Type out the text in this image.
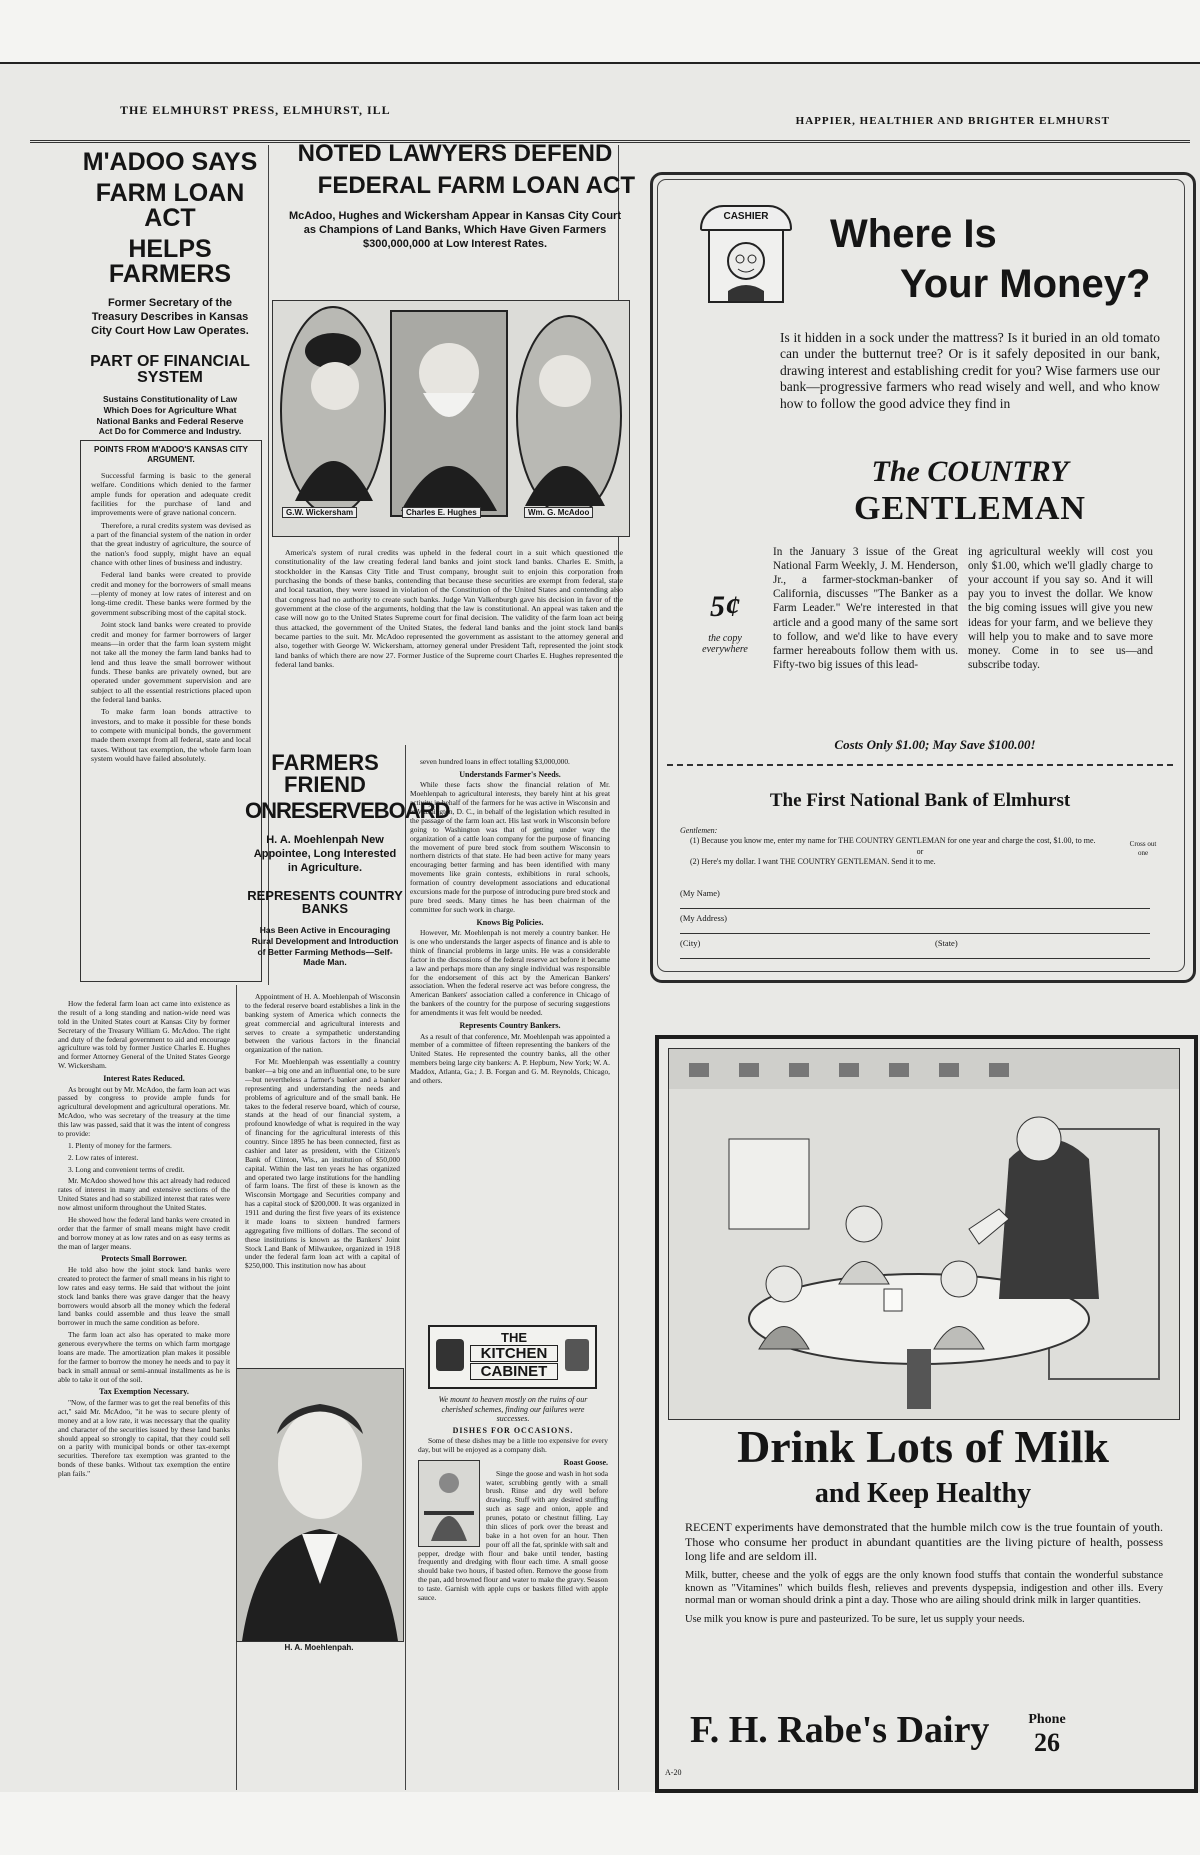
THE ELMHURST PRESS, ELMHURST, ILL
HAPPIER, HEALTHIER AND BRIGHTER ELMHURST

M'ADOO SAYS

FARM LOAN ACT

HELPS FARMERS

Former Secretary of the Treasury Describes in Kansas City Court How Law Operates.

PART OF FINANCIAL SYSTEM

Sustains Constitutionality of Law Which Does for Agriculture What National Banks and Federal Reserve Act Do for Commerce and Industry.

POINTS FROM M'ADOO'S KANSAS CITY ARGUMENT.

Successful farming is basic to the general welfare. Conditions which denied to the farmer ample funds for operation and adequate credit facilities for the purchase of land and improvements were of grave national concern.

Therefore, a rural credits system was devised as a part of the financial system of the nation in order that the great industry of agriculture, the source of the nation's food supply, might have an equal chance with other lines of business and industry.

Federal land banks were created to provide credit and money for the borrowers of small means —plenty of money at low rates of interest and on long-time credit. These banks were formed by the government subscribing most of the capital stock.

Joint stock land banks were created to provide credit and money for farmer borrowers of larger means—in order that the farm loan system might not take all the money the farm land banks had to lend and thus leave the small borrower without funds. These banks are privately owned, but are operated under government supervision and are subject to all the essential restrictions placed upon the federal land banks.

To make farm loan bonds attractive to investors, and to make it possible for these bonds to compete with municipal bonds, the government made them exempt from all federal, state and local taxes. Without tax exemption, the whole farm loan system would have failed absolutely.

How the federal farm loan act came into existence as the result of a long standing and nation-wide need was told in the United States court at Kansas City by former Secretary of the Treasury William G. McAdoo. The right and duty of the federal government to aid and encourage agriculture was told by former Justice Charles E. Hughes and former Attorney General of the United States George W. Wickersham.

Interest Rates Reduced.

As brought out by Mr. McAdoo, the farm loan act was passed by congress to provide ample funds for agricultural development and agricultural operations. Mr. McAdoo, who was secretary of the treasury at the time this law was passed, said that it was the intent of congress to provide:

1. Plenty of money for the farmers.

2. Low rates of interest.

3. Long and convenient terms of credit.

Mr. McAdoo showed how this act already had reduced rates of interest in many and extensive sections of the United States and had so stabilized interest that rates were now almost uniform throughout the United States.

He showed how the federal land banks were created in order that the farmer of small means might have credit and borrow money at as low rates and on as easy terms as the man of larger means.

Protects Small Borrower.

He told also how the joint stock land banks were created to protect the farmer of small means in his right to low rates and easy terms. He said that without the joint stock land banks there was grave danger that the heavy borrowers would absorb all the money which the federal land banks could assemble and thus leave the small borrower in much the same condition as before.

The farm loan act also has operated to make more generous everywhere the terms on which farm mortgage loans are made. The amortization plan makes it possible for the farmer to borrow the money he needs and to pay it back in small annual or semi-annual installments as he is able to take it out of the soil.

Tax Exemption Necessary.

"Now, of the farmer was to get the real benefits of this act," said Mr. McAdoo, "it he was to secure plenty of money and at a low rate, it was necessary that the quality and character of the securities issued by these land banks should appeal so strongly to capital, that they could sell on a parity with municipal bonds or other tax-exempt securities. Therefore tax exemption was granted to the bonds of these banks. Without tax exemption the entire plan fails."

NOTED LAWYERS DEFEND

FEDERAL FARM LOAN ACT

McAdoo, Hughes and Wickersham Appear in Kansas City Court as Champions of Land Banks, Which Have Given Farmers $300,000,000 at Low Interest Rates.

G.W. Wickersham	Charles E. Hughes	Wm. G. McAdoo

America's system of rural credits was upheld in the federal court in a suit which questioned the constitutionality of the law creating federal land banks and joint stock land banks. Charles E. Smith, a stockholder in the Kansas City Title and Trust company, brought suit to enjoin this corporation from purchasing the bonds of these banks, contending that because these securities are exempt from federal, state and local taxation, they were issued in violation of the Constitution of the United States and contending also that congress had no authority to create such banks. Judge Van Valkenburgh gave his decision in favor of the government at the close of the arguments, holding that the law is constitutional. An appeal was taken and the case will now go to the United States Supreme court for final decision. The validity of the farm loan act being thus attacked, the government of the United States, the federal land banks and the joint stock land banks became parties to the suit. Mr. McAdoo represented the government as assistant to the attorney general and also, together with George W. Wickersham, attorney general under President Taft, represented the joint stock land banks of which there are now 27. Former Justice of the Supreme court Charles E. Hughes represented the federal land banks.

FARMERS FRIEND

ONRESERVEBOARD

H. A. Moehlenpah New Appointee, Long Interested in Agriculture.

REPRESENTS COUNTRY BANKS

Has Been Active in Encouraging Rural Development and Introduction of Better Farming Methods—Self-Made Man.

Appointment of H. A. Moehlenpah of Wisconsin to the federal reserve board establishes a link in the banking system of America which connects the great commercial and agricultural interests and serves to create a sympathetic understanding between the various factors in the financial organization of the nation.

For Mr. Moehlenpah was essentially a country banker—a big one and an influential one, to be sure—but nevertheless a farmer's banker and a banker representing and understanding the needs and problems of agriculture and of the small bank. He takes to the federal reserve board, which of course, stands at the head of our financial system, a profound knowledge of what is required in the way of financing for the agricultural interests of this country. Since 1895 he has been connected, first as cashier and later as president, with the Citizen's Bank of Clinton, Wis., an institution of $50,000 capital. Within the last ten years he has organized and operated two large institutions for the handling of farm loans. The first of these is known as the Wisconsin Mortgage and Securities company and has a capital stock of $200,000. It was organized in 1911 and during the first five years of its existence it made loans to sixteen hundred farmers aggregating five millions of dollars. The second of these institutions is known as the Bankers' Joint Stock Land Bank of Milwaukee, organized in 1918 under the federal farm loan act with a capital of $250,000. This institution now has about

H. A. Moehlenpah.

seven hundred loans in effect totalling $3,000,000.

Understands Farmer's Needs.

While these facts show the financial relation of Mr. Moehlenpah to agricultural interests, they barely hint at his great activity in behalf of the farmers for he was active in Wisconsin and at Washington, D. C., in behalf of the legislation which resulted in the passage of the farm loan act. His last work in Wisconsin before going to Washington was that of getting under way the organization of a cattle loan company for the purpose of financing the movement of pure bred stock from southern Wisconsin to northern districts of that state. He had been active for many years encouraging better farming and has been identified with many movements like grain contests, exhibitions in rural schools, formation of country development associations and educational excursions made for the purpose of introducing pure bred stock and pure bred seeds. Many times he has been chairman of the committee for such work in charge.

Knows Big Policies.

However, Mr. Moehlenpah is not merely a country banker. He is one who understands the larger aspects of finance and is able to think of financial problems in large units. He was a considerable factor in the discussions of the federal reserve act before it became a law and perhaps more than any single individual was responsible for the endorsement of this act by the American Bankers' association. When the federal reserve act was before congress, the American Bankers' association called a conference in Chicago of the bankers of the country for the purpose of securing suggestions for amendments it was felt would be needed.

Represents Country Bankers.

As a result of that conference, Mr. Moehlenpah was appointed a member of a committee of fifteen representing the bankers of the United States. He represented the country banks, all the other members being large city bankers: A. P. Hepburn, New York; W. A. Maddox, Atlanta, Ga.; J. B. Forgan and G. M. Reynolds, Chicago, and others.

THE

KITCHEN

CABINET

We mount to heaven mostly on the ruins of our cherished schemes, finding our failures were successes.

DISHES FOR OCCASIONS.

Some of these dishes may be a little too expensive for every day, but will be enjoyed as a company dish.

Roast Goose.

Singe the goose and wash in hot soda water, scrubbing gently with a small brush. Rinse and dry well before drawing. Stuff with any desired stuffing such as sage and onion, apple and prunes, potato or chestnut filling. Lay thin slices of pork over the breast and bake in a hot oven for an hour. Then pour off all the fat, sprinkle with salt and pepper, dredge with flour and bake until tender, basting frequently and dredging with flour each time. A small goose should bake two hours, if basted often. Remove the goose from the pan, add browned flour and water to make the gravy. Season to taste. Garnish with apple cups or baskets filled with apple sauce.

CASHIER	Where Is

Your Money?

Is it hidden in a sock under the mattress? Is it buried in an old tomato can under the butternut tree? Or is it safely deposited in our bank, drawing interest and establishing credit for you? Wise farmers use our bank—progressive farmers who read wisely and well, and who know how to follow the good advice they find in

The COUNTRY

GENTLEMAN

5¢

the copy everywhere

In the January 3 issue of the Great National Farm Weekly, J. M. Henderson, Jr., a farmer-stockman-banker of California, discusses "The Banker as a Farm Leader." We're interested in that article and a good many of the same sort to follow, and we'd like to have every farmer hereabouts follow them with us. Fifty-two big issues of this lead-

ing agricultural weekly will cost you only $1.00, which we'll gladly charge to your account if you say so. And it will pay you to invest the dollar. We know the big coming issues will give you new ideas for your farm, and we believe they will help you to make and to save more money. Come in to see us—and subscribe today.

Costs Only $1.00; May Save $100.00!

The First National Bank of Elmhurst

Gentlemen:

(1) Because you know me, enter my name for THE COUNTRY GENTLEMAN for one year and charge the cost, $1.00, to me.

or

(2) Here's my dollar. I want THE COUNTRY GENTLEMAN. Send it to me.

Cross out one
(My Name)
(My Address)
(City)	(State)

Drink Lots of Milk

and Keep Healthy

RECENT experiments have demonstrated that the humble milch cow is the true fountain of youth. Those who consume her product in abundant quantities are the living picture of health, possess long life and are seldom ill.

Milk, butter, cheese and the yolk of eggs are the only known food stuffs that contain the wonderful substance known as "Vitamines" which builds flesh, relieves and prevents dyspepsia, indigestion and other ills. Every normal man or woman should drink a pint a day. Those who are ailing should drink milk in larger quantities.

Use milk you know is pure and pasteurized. To be sure, let us supply your needs.

F. H. Rabe's Dairy	Phone

26

A-20
